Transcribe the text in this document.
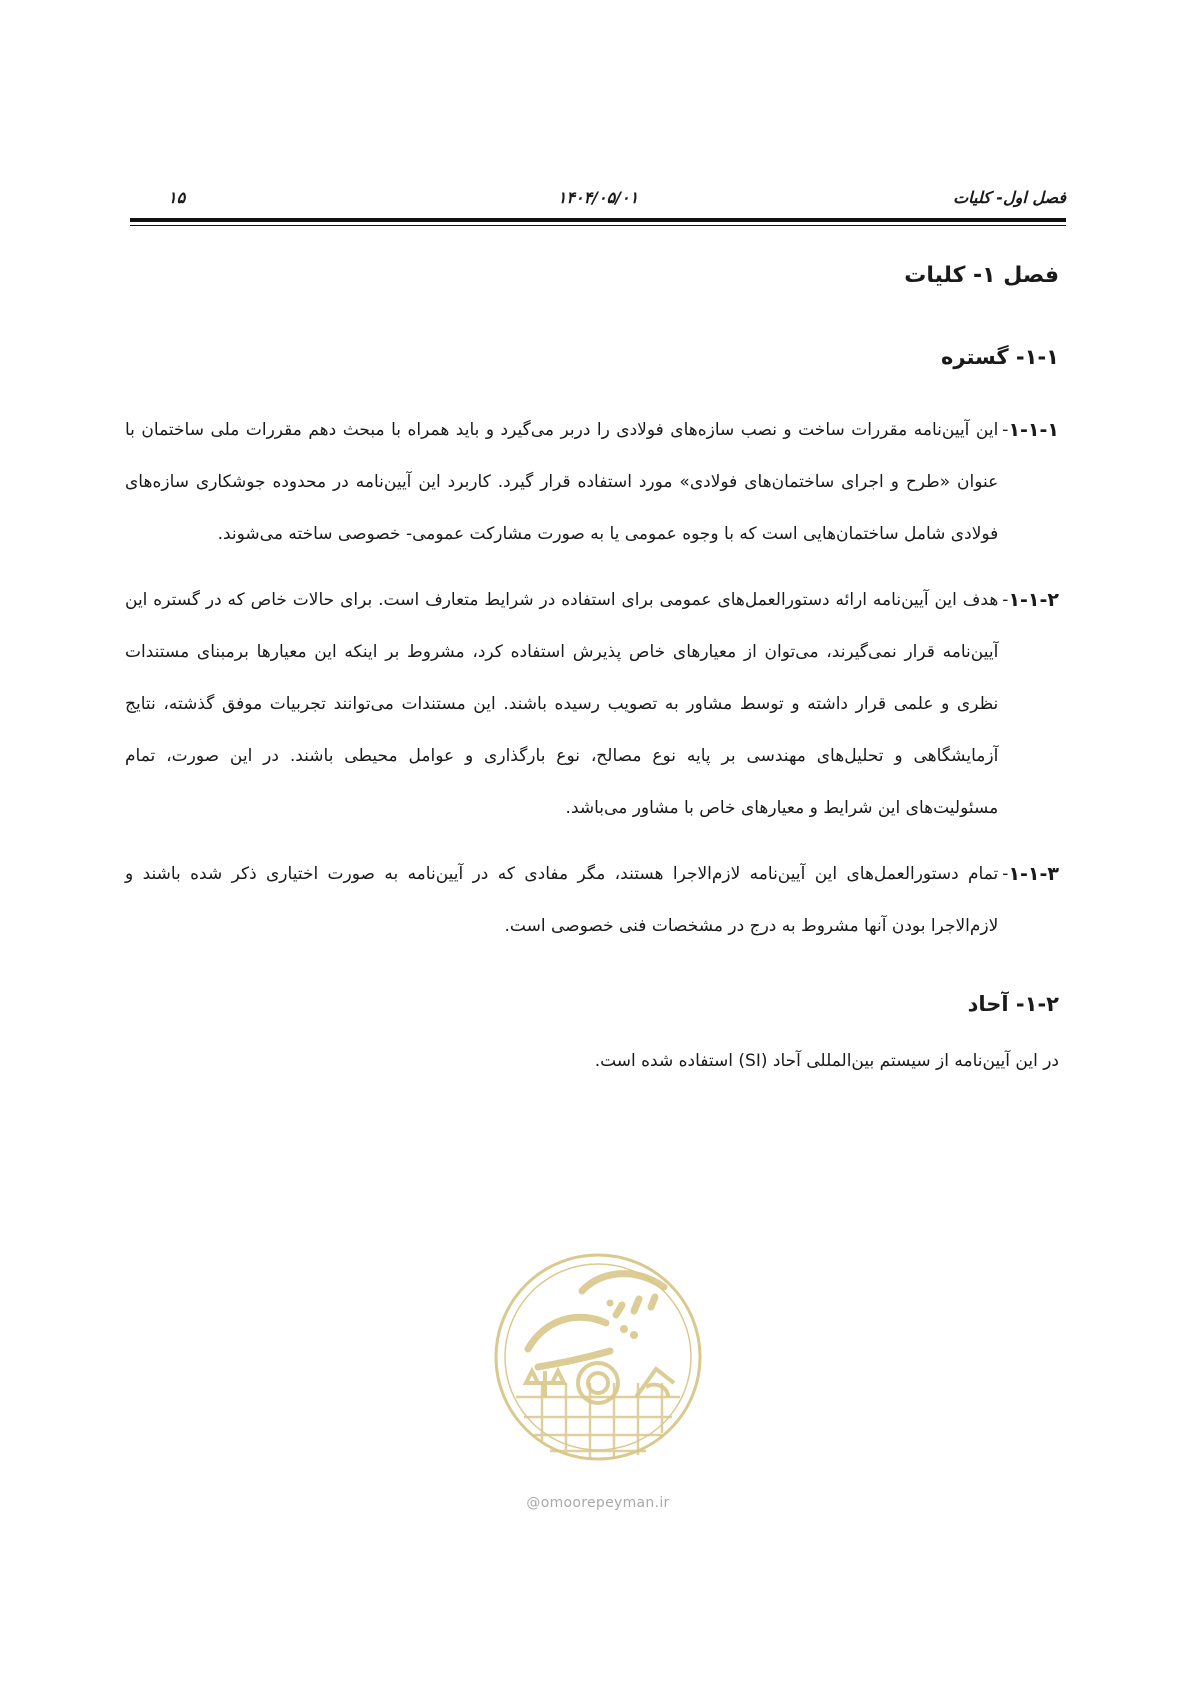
فصل اول- کلیات
۱۴۰۴/۰۵/۰۱
۱۵
فصل ۱- کلیات
۱-۱- گستره
۱-۱-۱
-

این آیین‌نامه مقررات ساخت و نصب سازه‌های فولادی را دربر می‌گیرد و باید همراه با مبحث دهم مقررات ملی ساختمان با عنوان «طرح و اجرای ساختمان‌های فولادی» مورد استفاده قرار گیرد. کاربرد این آیین‌نامه در محدوده جوشکاری سازه‌های فولادی شامل ساختمان‌هایی است که با وجوه عمومی یا به صورت مشارکت عمومی- خصوصی ساخته می‌شوند.

۱-۱-۲
-

هدف این آیین‌نامه ارائه دستورالعمل‌های عمومی برای استفاده در شرایط متعارف است. برای حالات خاص که در گستره این آیین‌نامه قرار نمی‌گیرند، می‌توان از معیارهای خاص پذیرش استفاده کرد، مشروط بر اینکه این معیارها برمبنای مستندات نظری و علمی قرار داشته و توسط مشاور به تصویب رسیده باشند. این مستندات می‌توانند تجربیات موفق گذشته، نتایج آزمایشگاهی و تحلیل‌های مهندسی بر پایه نوع مصالح، نوع بارگذاری و عوامل محیطی باشند. در این صورت، تمام مسئولیت‌های این شرایط و معیارهای خاص با مشاور می‌باشد.

۱-۱-۳
-

تمام دستورالعمل‌های این آیین‌نامه لازم‌الاجرا هستند، مگر مفادی که در آیین‌نامه به صورت اختیاری ذکر شده باشند و لازم‌الاجرا بودن آنها مشروط به درج در مشخصات فنی خصوصی است.

۱-۲- آحاد

در این آیین‌نامه از سیستم بین‌المللی آحاد (SI) استفاده شده است.

@omoorepeyman.ir
